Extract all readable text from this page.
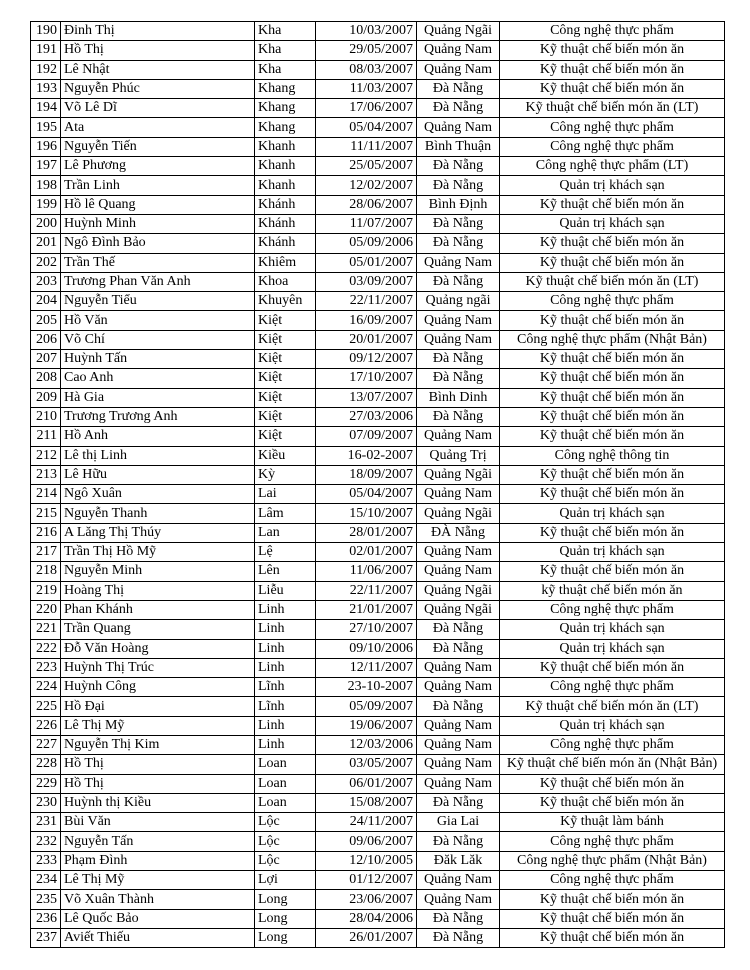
190	Đinh Thị	Kha	10/03/2007	Quảng Ngãi	Công nghệ thực phẩm
191	Hồ Thị	Kha	29/05/2007	Quảng Nam	Kỹ thuật chế biến món ăn
192	Lê Nhật	Kha	08/03/2007	Quảng Nam	Kỹ thuật chế biến món ăn
193	Nguyễn Phúc	Khang	11/03/2007	Đà Nẵng	Kỹ thuật chế biến món ăn
194	Võ Lê Dĩ	Khang	17/06/2007	Đà Nẵng	Kỹ thuật chế biến món ăn (LT)
195	Ata	Khang	05/04/2007	Quảng Nam	Công nghệ thực phẩm
196	Nguyễn Tiến	Khanh	11/11/2007	Bình Thuận	Công nghệ thực phẩm
197	Lê Phương	Khanh	25/05/2007	Đà Nẵng	Công nghệ thực phẩm (LT)
198	Trần Linh	Khanh	12/02/2007	Đà Nẵng	Quản trị khách sạn
199	Hồ lê Quang	Khánh	28/06/2007	Bình Định	Kỹ thuật chế biến món ăn
200	Huỳnh Minh	Khánh	11/07/2007	Đà Nẵng	Quản trị khách sạn
201	Ngô Đình Bảo	Khánh	05/09/2006	Đà Nẵng	Kỹ thuật chế biến món ăn
202	Trần Thế	Khiêm	05/01/2007	Quảng Nam	Kỹ thuật chế biến món ăn
203	Trương Phan Văn Anh	Khoa	03/09/2007	Đà Nẵng	Kỹ thuật chế biến món ăn (LT)
204	Nguyễn Tiểu	Khuyên	22/11/2007	Quảng ngãi	Công nghệ thực phẩm
205	Hồ Văn	Kiệt	16/09/2007	Quảng Nam	Kỹ thuật chế biến món ăn
206	Võ Chí	Kiệt	20/01/2007	Quảng Nam	Công nghệ thực phẩm (Nhật Bản)
207	Huỳnh Tấn	Kiệt	09/12/2007	Đà Nẵng	Kỹ thuật chế biến món ăn
208	Cao Anh	Kiệt	17/10/2007	Đà Nẵng	Kỹ thuật chế biến món ăn
209	Hà Gia	Kiệt	13/07/2007	Bình Dinh	Kỹ thuật chế biến món ăn
210	Trương Trương Anh	Kiệt	27/03/2006	Đà Nẵng	Kỹ thuật chế biến món ăn
211	Hồ Anh	Kiệt	07/09/2007	Quảng Nam	Kỹ thuật chế biến món ăn
212	Lê thị Linh	Kiều	16-02-2007	Quảng Trị	Công nghệ thông tin
213	Lê Hữu	Kỳ	18/09/2007	Quảng Ngãi	Kỹ thuật chế biến món ăn
214	Ngô Xuân	Lai	05/04/2007	Quảng Nam	Kỹ thuật chế biến món ăn
215	Nguyễn Thanh	Lâm	15/10/2007	Quảng Ngãi	Quản trị khách sạn
216	A Lăng Thị Thúy	Lan	28/01/2007	ĐÀ Nẵng	Kỹ thuật chế biến món ăn
217	Trần Thị Hồ Mỹ	Lệ	02/01/2007	Quảng Nam	Quản trị khách sạn
218	Nguyễn Minh	Lên	11/06/2007	Quảng Nam	Kỹ thuật chế biến món ăn
219	Hoàng Thị	Liễu	22/11/2007	Quảng Ngãi	kỹ thuật chế biến món ăn
220	Phan Khánh	Linh	21/01/2007	Quảng Ngãi	Công nghệ thực phẩm
221	Trần Quang	Linh	27/10/2007	Đà Nẵng	Quản trị khách sạn
222	Đỗ Văn Hoàng	Linh	09/10/2006	Đà Nẵng	Quản trị khách sạn
223	Huỳnh Thị Trúc	Linh	12/11/2007	Quảng Nam	Kỹ thuật chế biến món ăn
224	Huỳnh Công	Lĩnh	23-10-2007	Quảng Nam	Công nghệ thực phẩm
225	Hồ Đại	Lĩnh	05/09/2007	Đà Nẵng	Kỹ thuật chế biến món ăn (LT)
226	Lê Thị Mỹ	Linh	19/06/2007	Quảng Nam	Quản trị khách sạn
227	Nguyễn Thị Kim	Linh	12/03/2006	Quảng Nam	Công nghệ thực phẩm
228	Hồ Thị	Loan	03/05/2007	Quảng Nam	Kỹ thuật chế biến món ăn (Nhật Bản)
229	Hồ Thị	Loan	06/01/2007	Quảng Nam	Kỹ thuật chế biến món ăn
230	Huỳnh thị Kiều	Loan	15/08/2007	Đà Nẵng	Kỹ thuật chế biến món ăn
231	Bùi Văn	Lộc	24/11/2007	Gia Lai	Kỹ thuật làm bánh
232	Nguyễn Tấn	Lộc	09/06/2007	Đà Nẵng	Công nghệ thực phẩm
233	Phạm Đình	Lộc	12/10/2005	Đăk Lăk	Công nghệ thực phẩm (Nhật Bản)
234	Lê Thị Mỹ	Lợi	01/12/2007	Quảng Nam	Công nghệ thực phẩm
235	Võ Xuân Thành	Long	23/06/2007	Quảng Nam	Kỹ thuật chế biến món ăn
236	Lê Quốc Bảo	Long	28/04/2006	Đà Nẵng	Kỹ thuật chế biến món ăn
237	Aviết Thiếu	Long	26/01/2007	Đà Nẵng	Kỹ thuật chế biến món ăn
